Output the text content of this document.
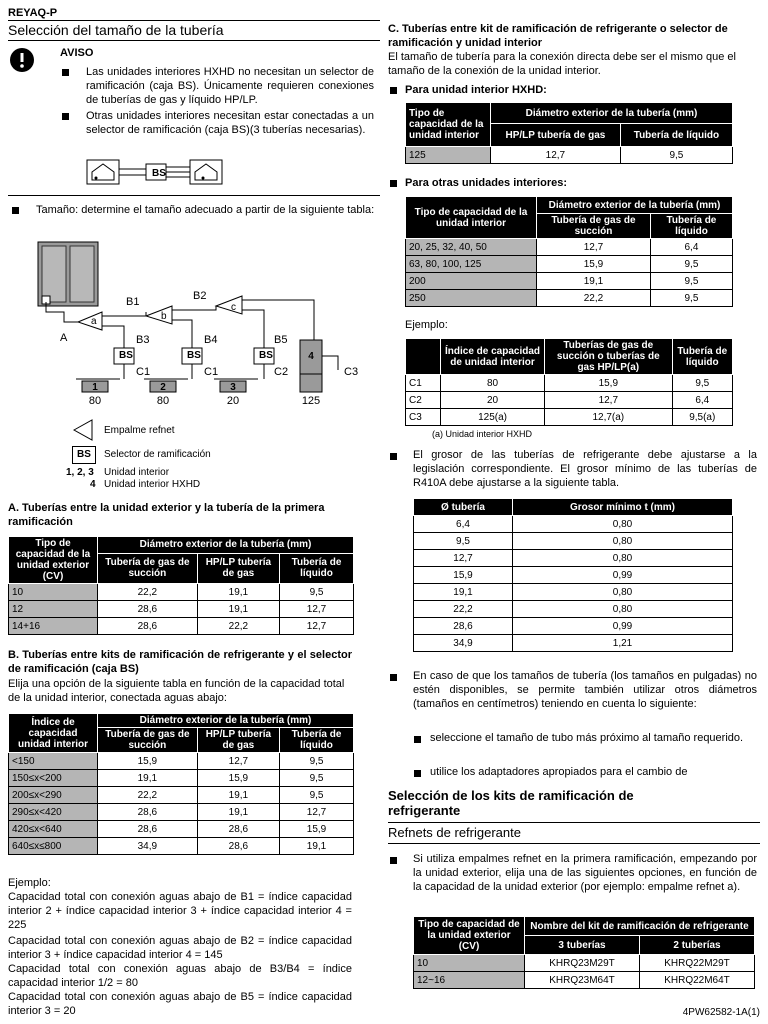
REYAQ-P
Selección del tamaño de la tubería
AVISO
Las unidades interiores HXHD no necesitan un selector de ramificación (caja BS). Únicamente requieren conexiones de tuberías de gas y líquido HP/LP.
Otras unidades interiores necesitan estar conectadas a un selector de ramificación (caja BS)(3 tuberías necesarias).
BS
Tamaño: determine el tamaño adecuado a partir de la siguiente tabla:
B1	B2
B3	B4	B5
A
a	b
c
BS	BS	BS
C1	C1	C2	C3
1	2	3
4
80	80	20	125
Empalme refnet
BS	Selector de ramificación
1, 2, 3 Unidad interior
4 Unidad interior HXHD
A. Tuberías entre la unidad exterior y la tubería de la primera ramificación
Tipo de capacidad de la unidad exterior (CV)	Diámetro exterior de la tubería (mm)		
	Tubería de gas de succión	HP/LP tubería de gas	Tubería de líquido
10	22,2	19,1	9,5
12	28,6	19,1	12,7
14+16	28,6	22,2	12,7
B. Tuberías entre kits de ramificación de refrigerante y el selector de ramificación (caja BS)
Elija una opción de la siguiente tabla en función de la capacidad total de la unidad interior, conectada aguas abajo:
Índice de capacidad unidad interior	Diámetro exterior de la tubería (mm)		
	Tubería de gas de succión	HP/LP tubería de gas	Tubería de líquido
<150	15,9	12,7	9,5
150≤x<200	19,1	15,9	9,5
200≤x<290	22,2	19,1	9,5
290≤x<420	28,6	19,1	12,7
420≤x<640	28,6	28,6	15,9
640≤x≤800	34,9	28,6	19,1
Ejemplo:
Capacidad total con conexión aguas abajo de B1 = índice capacidad interior 2 + índice capacidad interior 3 + índice capacidad interior 4 = 225
Capacidad total con conexión aguas abajo de B2 = índice capacidad interior 3 + índice capacidad interior 4 = 145
Capacidad total con conexión aguas abajo de B3/B4 = índice capacidad interior 1/2 = 80
Capacidad total con conexión aguas abajo de B5 = índice capacidad interior 3 = 20
C. Tuberías entre kit de ramificación de refrigerante o selector de ramificación y unidad interior
El tamaño de tubería para la conexión directa debe ser el mismo que el tamaño de la conexión de la unidad interior.
Para unidad interior HXHD:
Tipo de capacidad de la unidad interior	Diámetro exterior de la tubería (mm)	
	HP/LP tubería de gas	Tubería de líquido
125	12,7	9,5
Para otras unidades interiores:
Tipo de capacidad de la unidad interior	Diámetro exterior de la tubería (mm)	
	Tubería de gas de succión	Tubería de líquido
20, 25, 32, 40, 50	12,7	6,4
63, 80, 100, 125	15,9	9,5
200	19,1	9,5
250	22,2	9,5
Ejemplo:
	Índice de capacidad de unidad interior	Tuberías de gas de succión o tuberías de gas HP/LP(a)	Tubería de líquido
C1	80	15,9	9,5
C2	20	12,7	6,4
C3	125(a)	12,7(a)	9,5(a)
(a) Unidad interior HXHD
El grosor de las tuberías de refrigerante debe ajustarse a la legislación correspondiente. El grosor mínimo de las tuberías de R410A debe ajustarse a la siguiente tabla.
Ø tubería	Grosor mínimo t (mm)
6,4	0,80
9,5	0,80
12,7	0,80
15,9	0,99
19,1	0,80
22,2	0,80
28,6	0,99
34,9	1,21
En caso de que los tamaños de tubería (los tamaños en pulgadas) no estén disponibles, se permite también utilizar otros diámetros (tamaños en centímetros) teniendo en cuenta lo siguiente:
seleccione el tamaño de tubo más próximo al tamaño requerido.
utilice los adaptadores apropiados para el cambio de
Selección de los kits de ramificación de refrigerante
Refnets de refrigerante
Si utiliza empalmes refnet en la primera ramificación, empezando por la unidad exterior, elija una de las siguientes opciones, en función de la capacidad de la unidad exterior (por ejemplo: empalme refnet a).
Tipo de capacidad de la unidad exterior (CV)	Nombre del kit de ramificación de refrigerante	
	3 tuberías	2 tuberías
10	KHRQ23M29T	KHRQ22M29T
12~16	KHRQ23M64T	KHRQ22M64T
4PW62582-1A(1)
